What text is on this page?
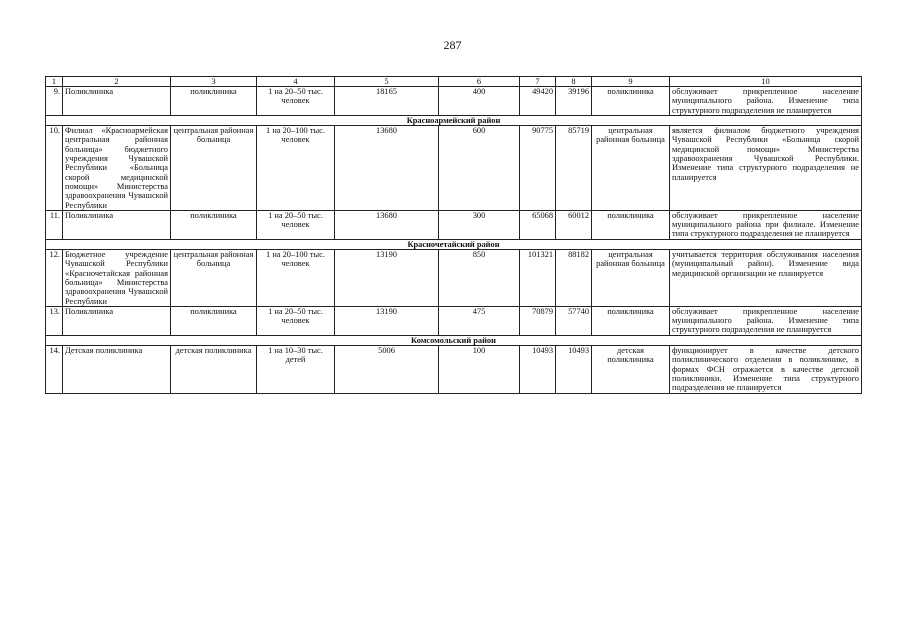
287
1	2	3	4	5	6	7	8	9	10
9.	Поликлиника	поликлиника	1 на 20–50 тыс. человек	18165	400	49420	39196	поликлиника	обслуживает прикрепленное население муниципального района. Изменение типа структурного подразделения не планируется
Красноармейский район									
10.	Филиал «Красноармейская центральная районная больница» бюджетного учреждения Чувашской Республики «Больница скорой медицинской помощи» Министерства здравоохранения Чувашской Республики	центральная районная больница	1 на 20–100 тыс. человек	13680	600	90775	85719	центральная районная больница	является филиалом бюджетного учреждения Чувашской Республики «Больница скорой медицинской помощи» Министерства здравоохранения Чувашской Республики. Изменение типа структурного подразделения не планируется
11.	Поликлиника	поликлиника	1 на 20–50 тыс. человек	13680	300	65068	60012	поликлиника	обслуживает прикрепленное население муниципального района при филиале. Изменение типа структурного подразделения не планируется
Красночетайский район									
12.	Бюджетное учреждение Чувашской Республики «Красночетайская районная больница» Министерства здравоохранения Чувашской Республики	центральная районная больница	1 на 20–100 тыс. человек	13190	850	101321	88182	центральная районная больница	учитывается территория обслуживания населения (муниципальный район). Изменение вида медицинской организации не планируется
13.	Поликлиника	поликлиника	1 на 20–50 тыс. человек	13190	475	70879	57740	поликлиника	обслуживает прикрепленное население муниципального района. Изменение типа структурного подразделения не планируется
Комсомольский район									
14.	Детская поликлиника	детская поликлиника	1 на 10–30 тыс. детей	5006	100	10493	10493	детская поликлиника	функционирует в качестве детского поликлинического отделения в поликлинике, в формах ФСН отражается в качестве детской поликлиники. Изменение типа структурного подразделения не планируется
